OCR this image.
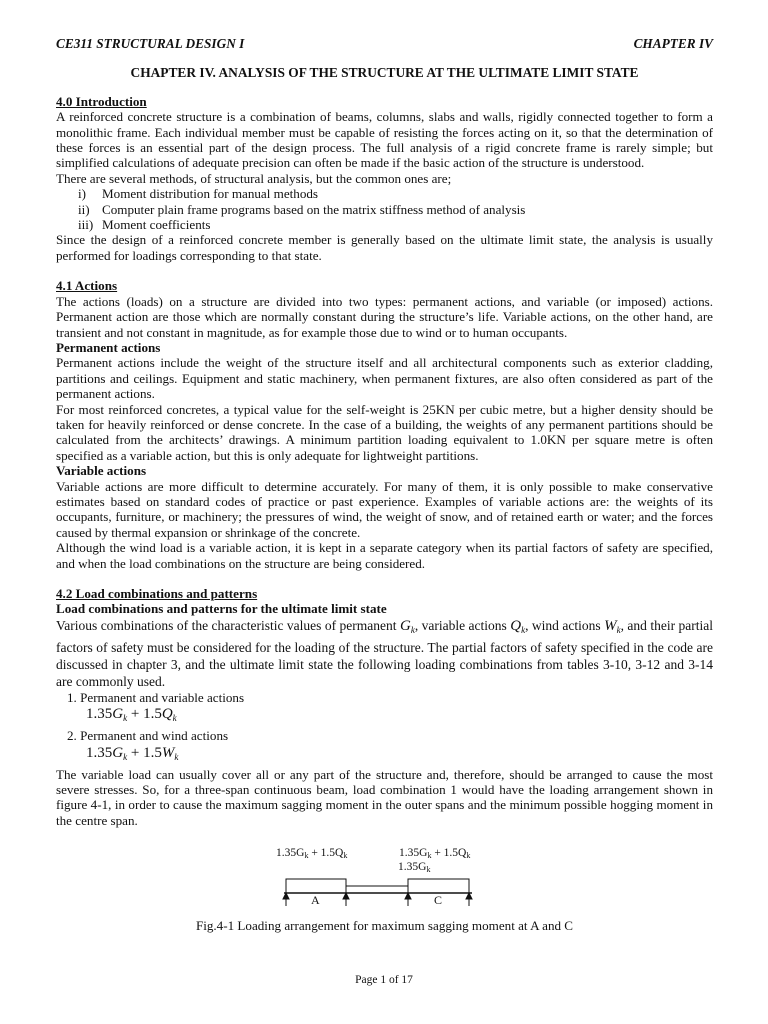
CE311 STRUCTURAL DESIGN I	CHAPTER IV
CHAPTER IV. ANALYSIS OF THE STRUCTURE AT THE ULTIMATE LIMIT STATE
4.0 Introduction

A reinforced concrete structure is a combination of beams, columns, slabs and walls, rigidly connected together to form a monolithic frame. Each individual member must be capable of resisting the forces acting on it, so that the determination of these forces is an essential part of the design process. The full analysis of a rigid concrete frame is rarely simple; but simplified calculations of adequate precision can often be made if the basic action of the structure is understood.

There are several methods, of structural analysis, but the common ones are;

i) Moment distribution for manual methods
ii) Computer plain frame programs based on the matrix stiffness method of analysis
iii) Moment coefficients

Since the design of a reinforced concrete member is generally based on the ultimate limit state, the analysis is usually performed for loadings corresponding to that state.

4.1 Actions

The actions (loads) on a structure are divided into two types: permanent actions, and variable (or imposed) actions. Permanent action are those which are normally constant during the structure’s life. Variable actions, on the other hand, are transient and not constant in magnitude, as for example those due to wind or to human occupants.

Permanent actions

Permanent actions include the weight of the structure itself and all architectural components such as exterior cladding, partitions and ceilings. Equipment and static machinery, when permanent fixtures, are also often considered as part of the permanent actions.

For most reinforced concretes, a typical value for the self-weight is 25KN per cubic metre, but a higher density should be taken for heavily reinforced or dense concrete. In the case of a building, the weights of any permanent partitions should be calculated from the architects’ drawings. A minimum partition loading equivalent to 1.0KN per square metre is often specified as a variable action, but this is only adequate for lightweight partitions.

Variable actions

Variable actions are more difficult to determine accurately. For many of them, it is only possible to make conservative estimates based on standard codes of practice or past experience. Examples of variable actions are: the weights of its occupants, furniture, or machinery; the pressures of wind, the weight of snow, and of retained earth or water; and the forces caused by thermal expansion or shrinkage of the concrete.

Although the wind load is a variable action, it is kept in a separate category when its partial factors of safety are specified, and when the load combinations on the structure are being considered.

4.2 Load combinations and patterns
Load combinations and patterns for the ultimate limit state

Various combinations of the characteristic values of permanent $G_k$, variable actions $Q_k$, wind actions $W_k$, and their partial factors of safety must be considered for the loading of the structure. The partial factors of safety specified in the code are discussed in chapter 3, and the ultimate limit state the following loading combinations from tables 3-10, 3-12 and 3-14 are commonly used.

1. Permanent and variable actions
$1.35G_k + 1.5Q_k$
2. Permanent and wind actions
$1.35G_k + 1.5W_k$

The variable load can usually cover all or any part of the structure and, therefore, should be arranged to cause the most severe stresses. So, for a three-span continuous beam, load combination 1 would have the loading arrangement shown in figure 4-1, in order to cause the maximum sagging moment in the outer spans and the minimum possible hogging moment in the centre span.

1.35Gk + 1.5Qk
1.35Gk
1.35Gk + 1.5Qk
A	C
Fig.4-1 Loading arrangement for maximum sagging moment at A and C
Page 1 of 17
